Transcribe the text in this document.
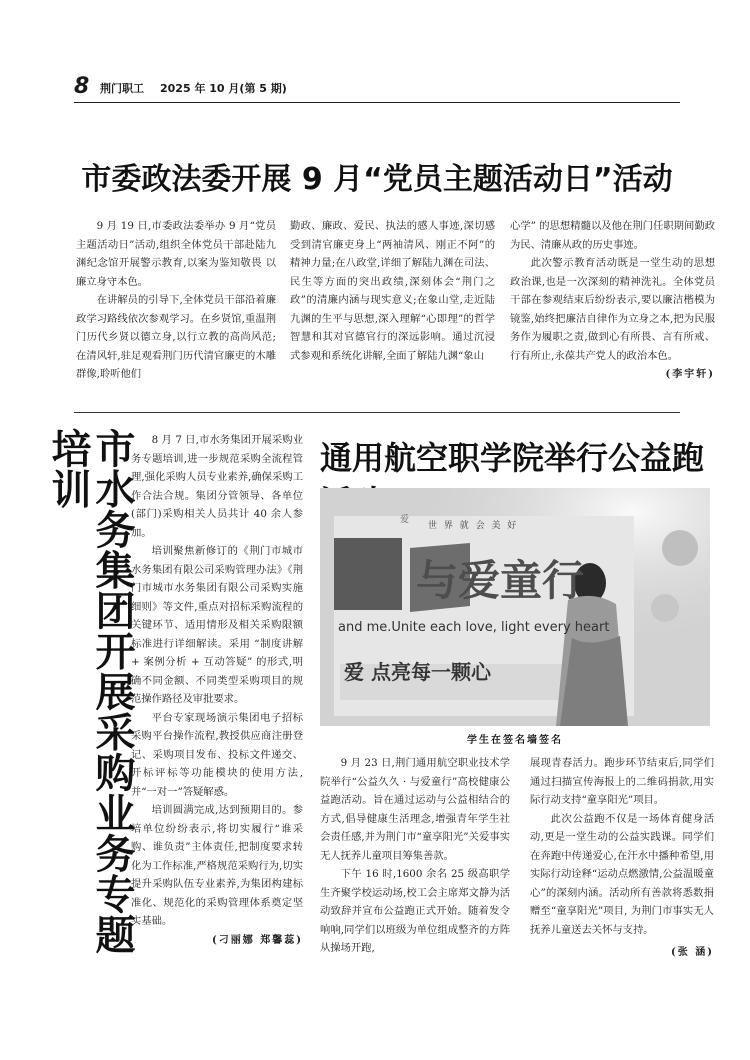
8 荆门职工 2025 年 10 月(第 5 期)
市委政法委开展 9 月“党员主题活动日”活动

9 月 19 日,市委政法委举办 9 月“党员主题活动日”活动,组织全体党员干部赴陆九渊纪念馆开展警示教育,以案为鉴知敬畏 以廉立身守本色。

在讲解员的引导下,全体党员干部沿着廉政学习路线依次参观学习。在乡贤馆,重温荆门历代乡贤以德立身,以行立教的高尚风范;在清风轩,驻足观看荆门历代清官廉吏的木雕群像,聆听他们

勤政、廉政、爱民、执法的感人事迹,深切感受到清官廉吏身上“两袖清风、刚正不阿”的精神力量;在八政堂,详细了解陆九渊在司法、民生等方面的突出政绩,深刻体会“荆门之政”的清廉内涵与现实意义;在象山堂,走近陆九渊的生平与思想,深入理解“心即理”的哲学智慧和其对官德官行的深远影响。通过沉浸式参观和系统化讲解,全面了解陆九渊“象山

心学” 的思想精髓以及他在荆门任职期间勤政为民、清廉从政的历史事迹。

此次警示教育活动既是一堂生动的思想政治课,也是一次深刻的精神洗礼。全体党员干部在参观结束后纷纷表示,要以廉洁楷模为镜鉴,始终把廉洁自律作为立身之本,把为民服务作为履职之责,做到心有所畏、言有所戒、行有所止,永葆共产党人的政治本色。

(李宇轩)
市水务集团开展采购业务专题培训	8 月 7 日,市水务集团开展采购业务专题培训,进一步规范采购全流程管理,强化采购人员专业素养,确保采购工作合法合规。集团分管领导、各单位(部门)采购相关人员共计 40 余人参加。

培训聚焦新修订的《荆门市城市水务集团有限公司采购管理办法》《荆门市城市水务集团有限公司采购实施细则》等文件,重点对招标采购流程的关键环节、适用情形及相关采购限额标准进行详细解读。采用 “制度讲解 + 案例分析 + 互动答疑” 的形式,明确不同金额、不同类型采购项目的规范操作路径及审批要求。

平台专家现场演示集团电子招标采购平台操作流程,教授供应商注册登记、采购项目发布、投标文件递交、开标评标等功能模块的使用方法,并“一对一”答疑解惑。

培训圆满完成,达到预期目的。参培单位纷纷表示,将切实履行“谁采购、谁负责”主体责任,把制度要求转化为工作标准,严格规范采购行为,切实提升采购队伍专业素养,为集团构建标准化、规范化的采购管理体系奠定坚实基础。

(刁丽娜 郑馨蕊)
通用航空职学院举行公益跑
爱
世 界 就 会 美 好
与爱童行
and me.Unite each love, light every heart
爱 点亮每一颗心
学生在签名墙签名

9 月 23 日,荆门通用航空职业技术学院举行“公益久久 · 与爱童行”高校健康公益跑活动。旨在通过运动与公益相结合的方式,倡导健康生活理念,增强青年学生社会责任感,并为荆门市“童享阳光”关爱事实无人抚养儿童项目筹集善款。

下午 16 时,1600 余名 25 级高职学生齐聚学校运动场,校工会主席郑文静为活动致辞并宣布公益跑正式开始。随着发令响响,同学们以班级为单位组成整齐的方阵从操场开跑,

展现青春活力。跑步环节结束后,同学们通过扫描宣传海报上的二维码捐款,用实际行动支持“童享阳光”项目。

此次公益跑不仅是一场体育健身活动,更是一堂生动的公益实践课。同学们在奔跑中传递爱心,在汗水中播种希望,用实际行动诠释“运动点燃激情,公益温暖童心”的深刻内涵。活动所有善款将悉数捐赠至“童享阳光”项目, 为荆门市事实无人抚养儿童送去关怀与支持。

(张 涵)
